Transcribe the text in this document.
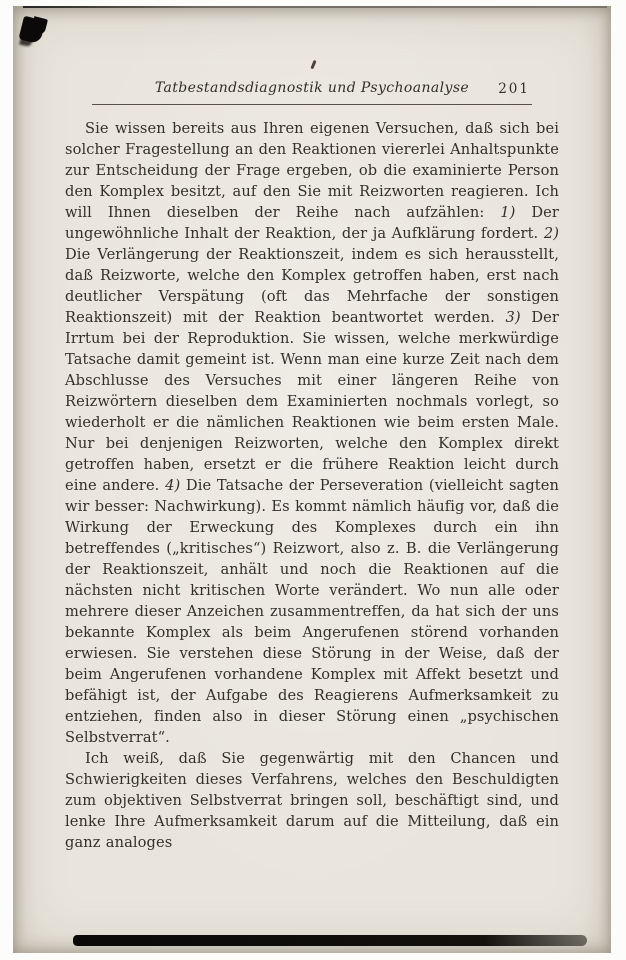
Tatbestandsdiagnostik und Psychoanalyse 201

Sie wissen bereits aus Ihren eigenen Versuchen, daß sich bei solcher Fragestellung an den Reaktionen viererlei Anhaltspunkte zur Entscheidung der Frage ergeben, ob die examinierte Person den Komplex besitzt, auf den Sie mit Reizworten reagieren. Ich will Ihnen dieselben der Reihe nach aufzählen: 1) Der ungewöhnliche Inhalt der Reaktion, der ja Aufklärung fordert. 2) Die Verlängerung der Reaktionszeit, indem es sich herausstellt, daß Reizworte, welche den Komplex getroffen haben, erst nach deutlicher Verspätung (oft das Mehrfache der sonstigen Reaktionszeit) mit der Reaktion beantwortet werden. 3) Der Irrtum bei der Reproduktion. Sie wissen, welche merkwürdige Tatsache damit gemeint ist. Wenn man eine kurze Zeit nach dem Abschlusse des Versuches mit einer längeren Reihe von Reizwörtern dieselben dem Examinierten nochmals vorlegt, so wiederholt er die nämlichen Reaktionen wie beim ersten Male. Nur bei denjenigen Reizworten, welche den Komplex direkt getroffen haben, ersetzt er die frühere Reaktion leicht durch eine andere. 4) Die Tatsache der Perseveration (vielleicht sagten wir besser: Nachwirkung). Es kommt nämlich häufig vor, daß die Wirkung der Erweckung des Komplexes durch ein ihn betreffendes („kritisches“) Reizwort, also z. B. die Verlängerung der Reaktionszeit, anhält und noch die Reaktionen auf die nächsten nicht kritischen Worte verändert. Wo nun alle oder mehrere dieser Anzeichen zusammentreffen, da hat sich der uns bekannte Komplex als beim Angerufenen störend vorhanden erwiesen. Sie verstehen diese Störung in der Weise, daß der beim Angerufenen vorhandene Komplex mit Affekt besetzt und befähigt ist, der Aufgabe des Reagierens Aufmerksamkeit zu entziehen, finden also in dieser Störung einen „psychischen Selbstverrat“.

Ich weiß, daß Sie gegenwärtig mit den Chancen und Schwierigkeiten dieses Verfahrens, welches den Beschuldigten zum objektiven Selbstverrat bringen soll, beschäftigt sind, und lenke Ihre Aufmerksamkeit darum auf die Mitteilung, daß ein ganz analoges
